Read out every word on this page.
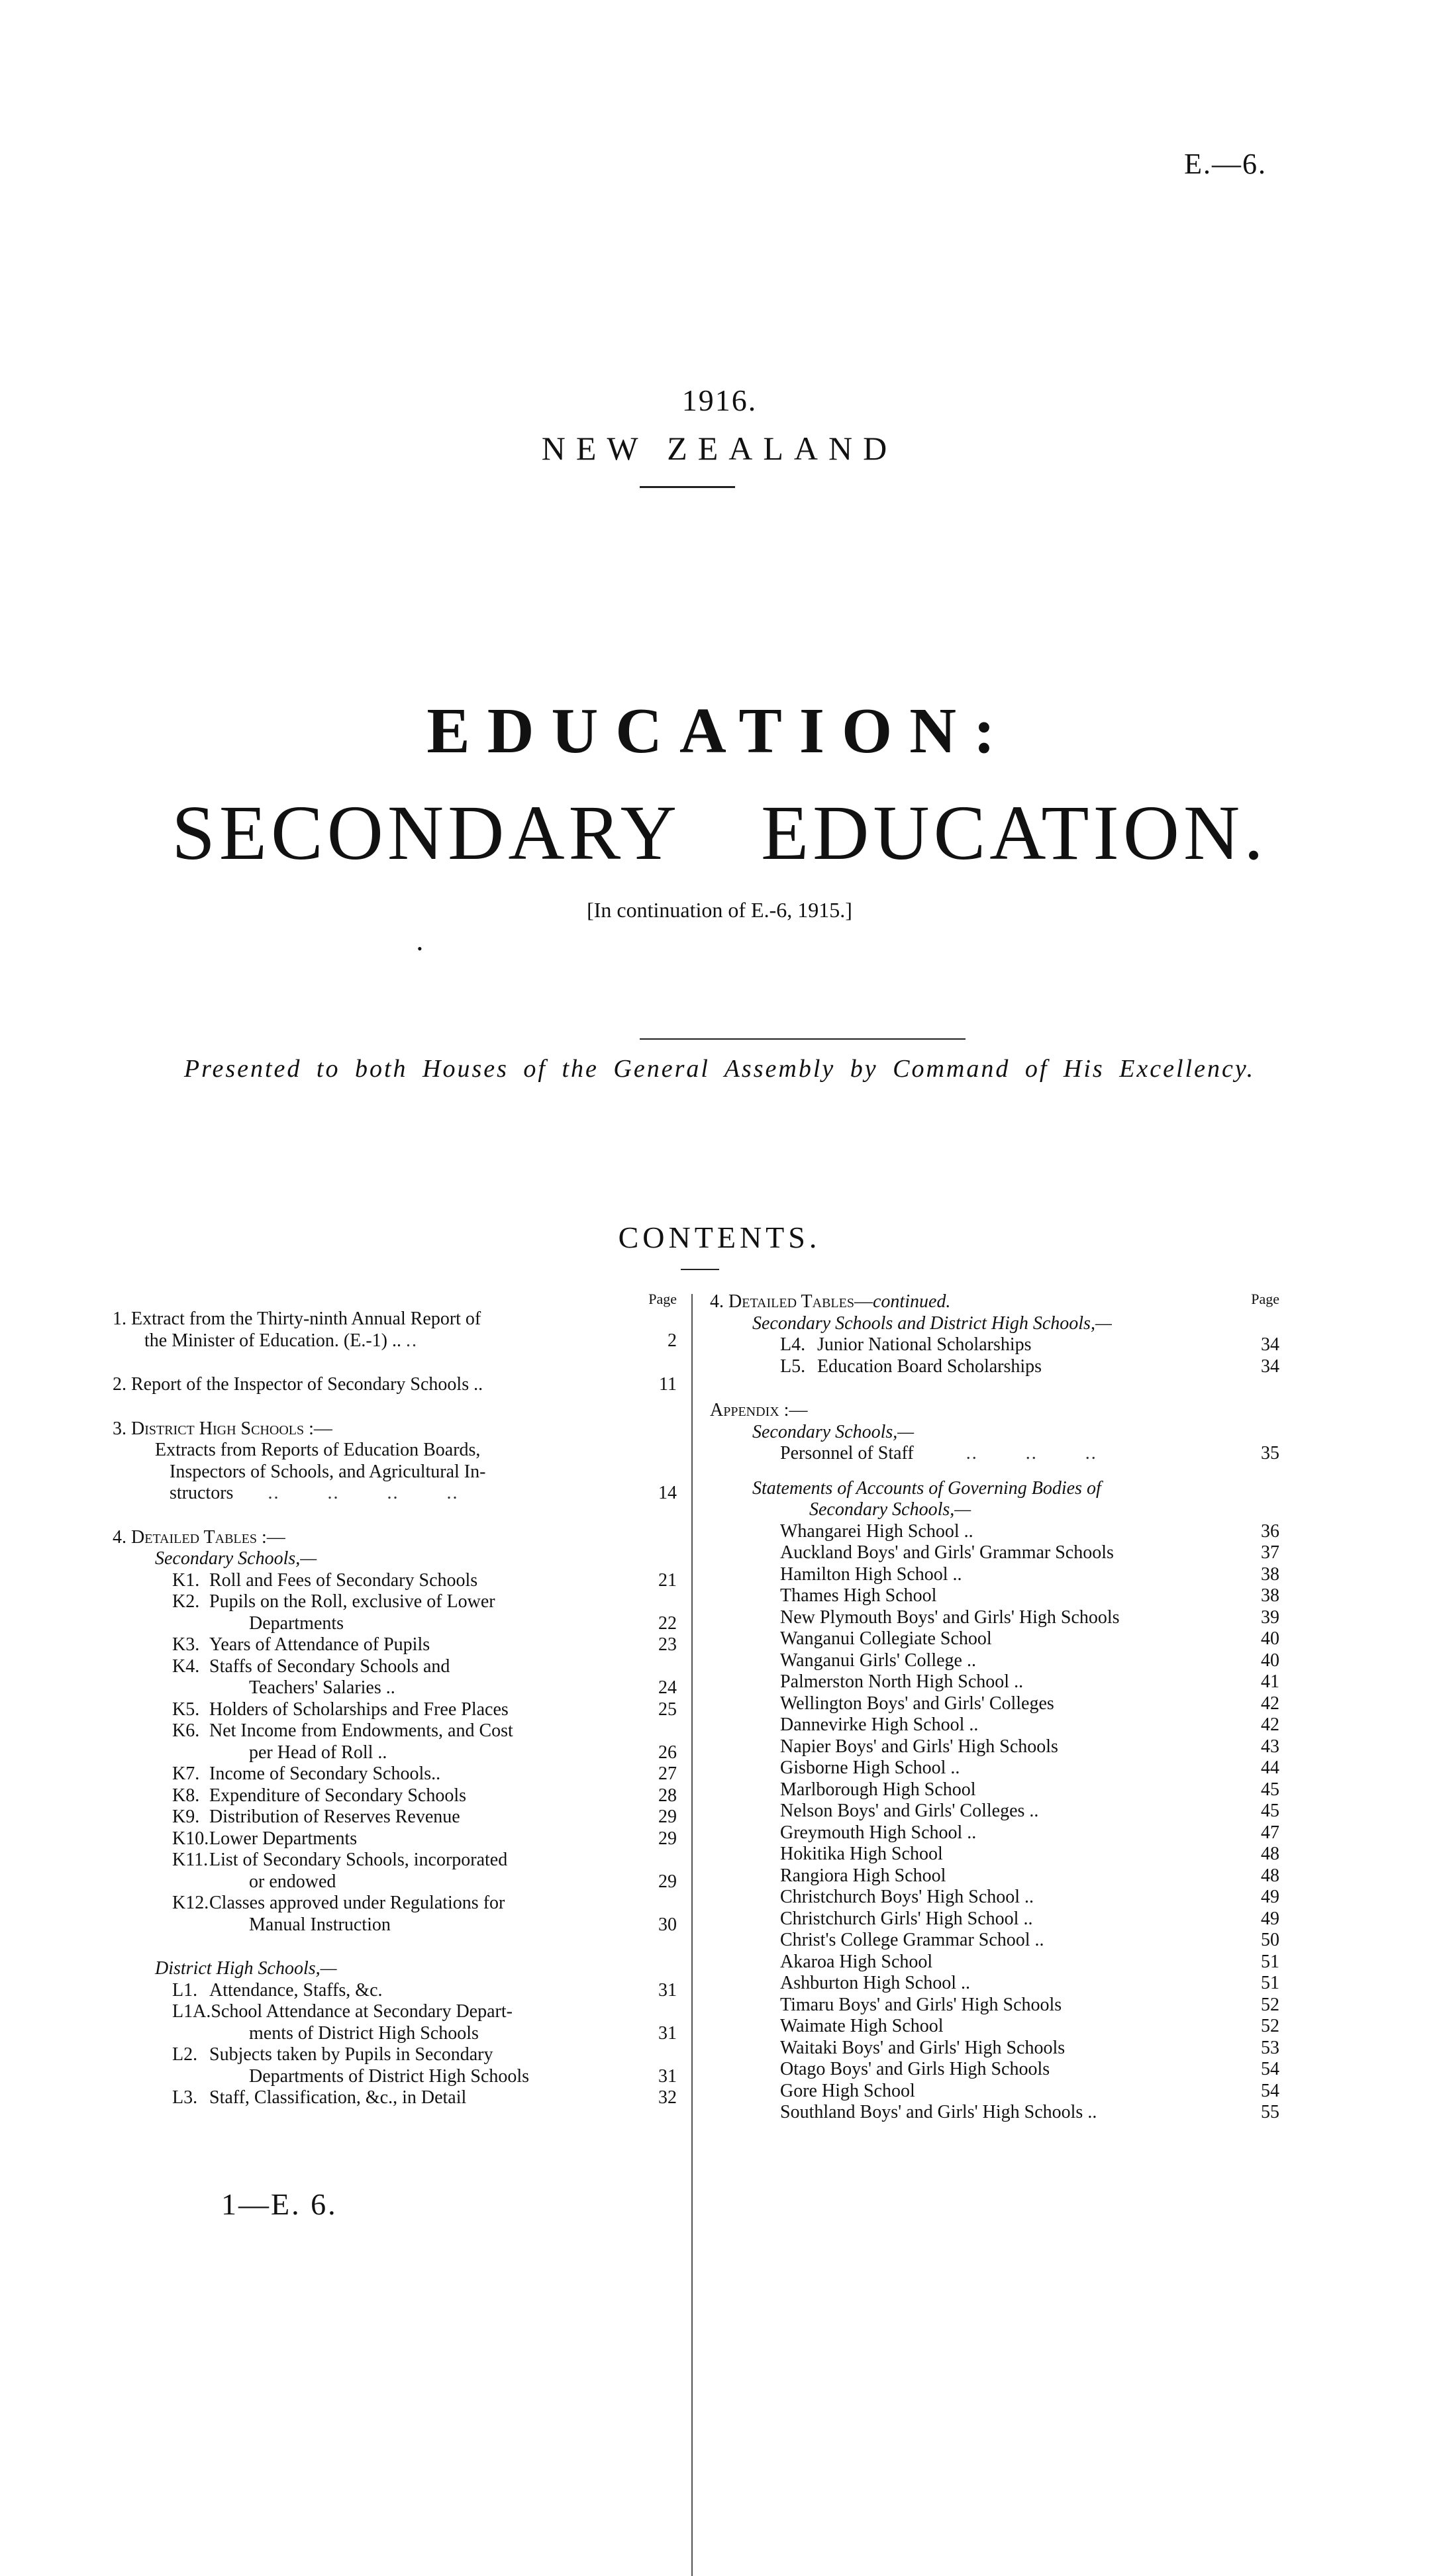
E.—6.
1916.
NEW ZEALAND
EDUCATION:
SECONDARY EDUCATION.
[In continuation of E.-6, 1915.]
•
Presented to both Houses of the General Assembly by Command of His Excellency.
CONTENTS.
Page
1. Extract from the Thirty-ninth Annual Report of
the Minister of Education. (E.-1) .. ..	2
2. Report of the Inspector of Secondary Schools ..	11
3. District High Schools :—
Extracts from Reports of Education Boards,
Inspectors of Schools, and Agricultural In-
structors      ..        ..        ..        ..	14
4. Detailed Tables :—
Secondary Schools,—
K1. Roll and Fees of Secondary Schools	21
K2. Pupils on the Roll, exclusive of Lower
Departments	22
K3. Years of Attendance of Pupils	23
K4. Staffs of Secondary Schools and
Teachers' Salaries ..	24
K5. Holders of Scholarships and Free Places	25
K6. Net Income from Endowments, and Cost
per Head of Roll ..	26
K7. Income of Secondary Schools..	27
K8. Expenditure of Secondary Schools	28
K9. Distribution of Reserves Revenue	29
K10.Lower Departments	29
K11.List of Secondary Schools, incorporated
or endowed	29
K12.Classes approved under Regulations for
Manual Instruction	30
District High Schools,—
L1. Attendance, Staffs, &c.	31
L1A.School Attendance at Secondary Depart-
ments of District High Schools	31
L2. Subjects taken by Pupils in Secondary
Departments of District High Schools	31
L3. Staff, Classification, &c., in Detail	32
Page
4. Detailed Tables—continued.
Secondary Schools and District High Schools,—
L4. Junior National Scholarships	34
L5. Education Board Scholarships	34
Appendix :—
Secondary Schools,—
Personnel of Staff         ..        ..        ..	35
Statements of Accounts of Governing Bodies of
Secondary Schools,—
Whangarei High School ..	36
Auckland Boys' and Girls' Grammar Schools	37
Hamilton High School ..	38
Thames High School	38
New Plymouth Boys' and Girls' High Schools	39
Wanganui Collegiate School	40
Wanganui Girls' College ..	40
Palmerston North High School ..	41
Wellington Boys' and Girls' Colleges	42
Dannevirke High School ..	42
Napier Boys' and Girls' High Schools	43
Gisborne High School ..	44
Marlborough High School	45
Nelson Boys' and Girls' Colleges ..	45
Greymouth High School ..	47
Hokitika High School	48
Rangiora High School	48
Christchurch Boys' High School ..	49
Christchurch Girls' High School ..	49
Christ's College Grammar School ..	50
Akaroa High School	51
Ashburton High School ..	51
Timaru Boys' and Girls' High Schools	52
Waimate High School	52
Waitaki Boys' and Girls' High Schools	53
Otago Boys' and Girls High Schools	54
Gore High School	54
Southland Boys' and Girls' High Schools ..	55
1—E. 6.
